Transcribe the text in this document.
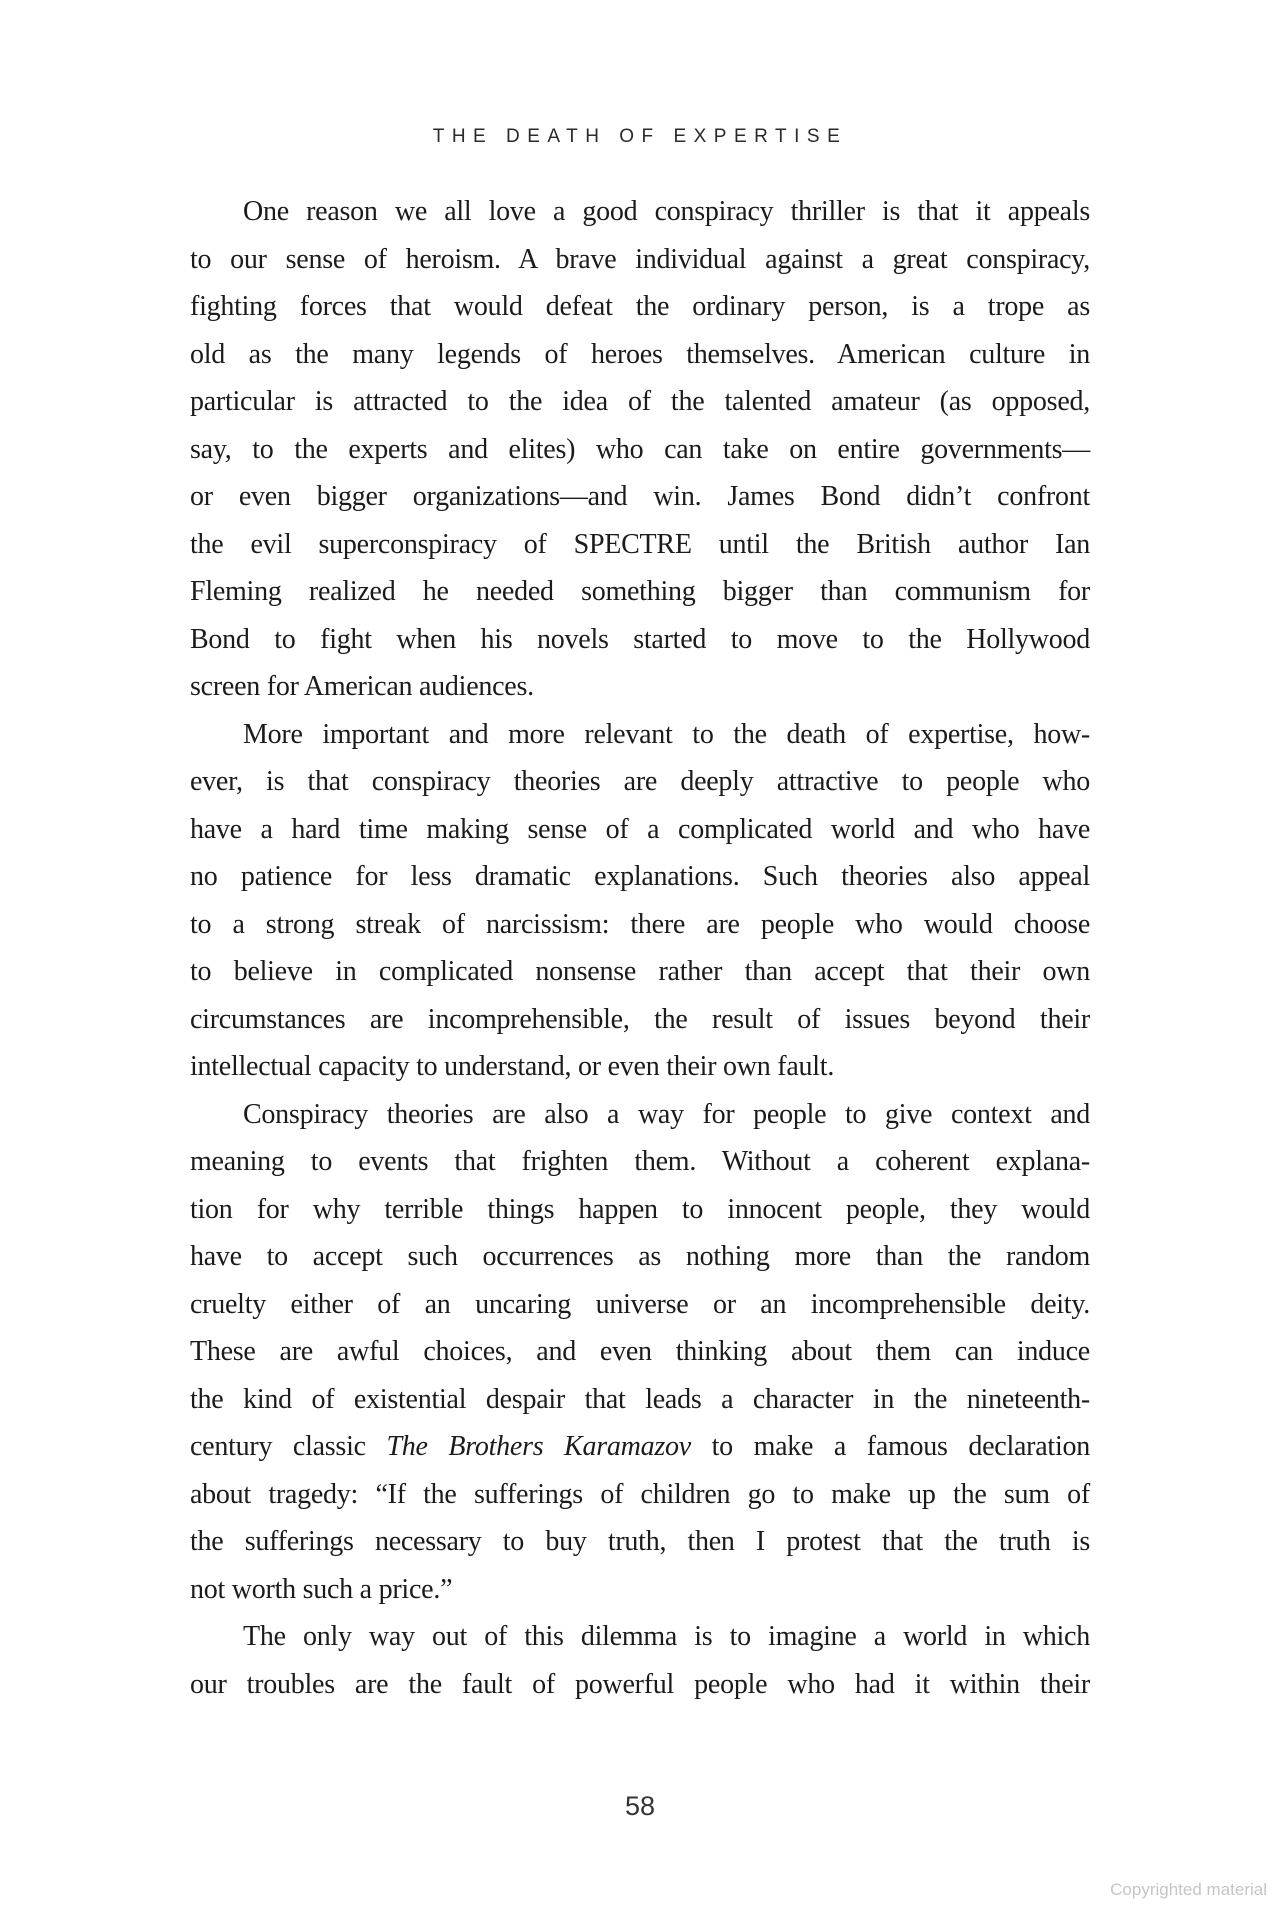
THE DEATH OF EXPERTISE

One reason we all love a good conspiracy thriller is that it appeals
to our sense of heroism. A brave individual against a great conspiracy,
fighting forces that would defeat the ordinary person, is a trope as
old as the many legends of heroes themselves. American culture in
particular is attracted to the idea of the talented amateur (as opposed,
say, to the experts and elites) who can take on entire governments—
or even bigger organizations—and win. James Bond didn’t confront
the evil superconspiracy of SPECTRE until the British author Ian
Fleming realized he needed something bigger than communism for
Bond to fight when his novels started to move to the Hollywood
screen for American audiences.

More important and more relevant to the death of expertise, how-
ever, is that conspiracy theories are deeply attractive to people who
have a hard time making sense of a complicated world and who have
no patience for less dramatic explanations. Such theories also appeal
to a strong streak of narcissism: there are people who would choose
to believe in complicated nonsense rather than accept that their own
circumstances are incomprehensible, the result of issues beyond their
intellectual capacity to understand, or even their own fault.

Conspiracy theories are also a way for people to give context and
meaning to events that frighten them. Without a coherent explana-
tion for why terrible things happen to innocent people, they would
have to accept such occurrences as nothing more than the random
cruelty either of an uncaring universe or an incomprehensible deity.
These are awful choices, and even thinking about them can induce
the kind of existential despair that leads a character in the nineteenth-
century classic The Brothers Karamazov to make a famous declaration
about tragedy: “If the sufferings of children go to make up the sum of
the sufferings necessary to buy truth, then I protest that the truth is
not worth such a price.”

The only way out of this dilemma is to imagine a world in which
our troubles are the fault of powerful people who had it within their

58
Copyrighted material
